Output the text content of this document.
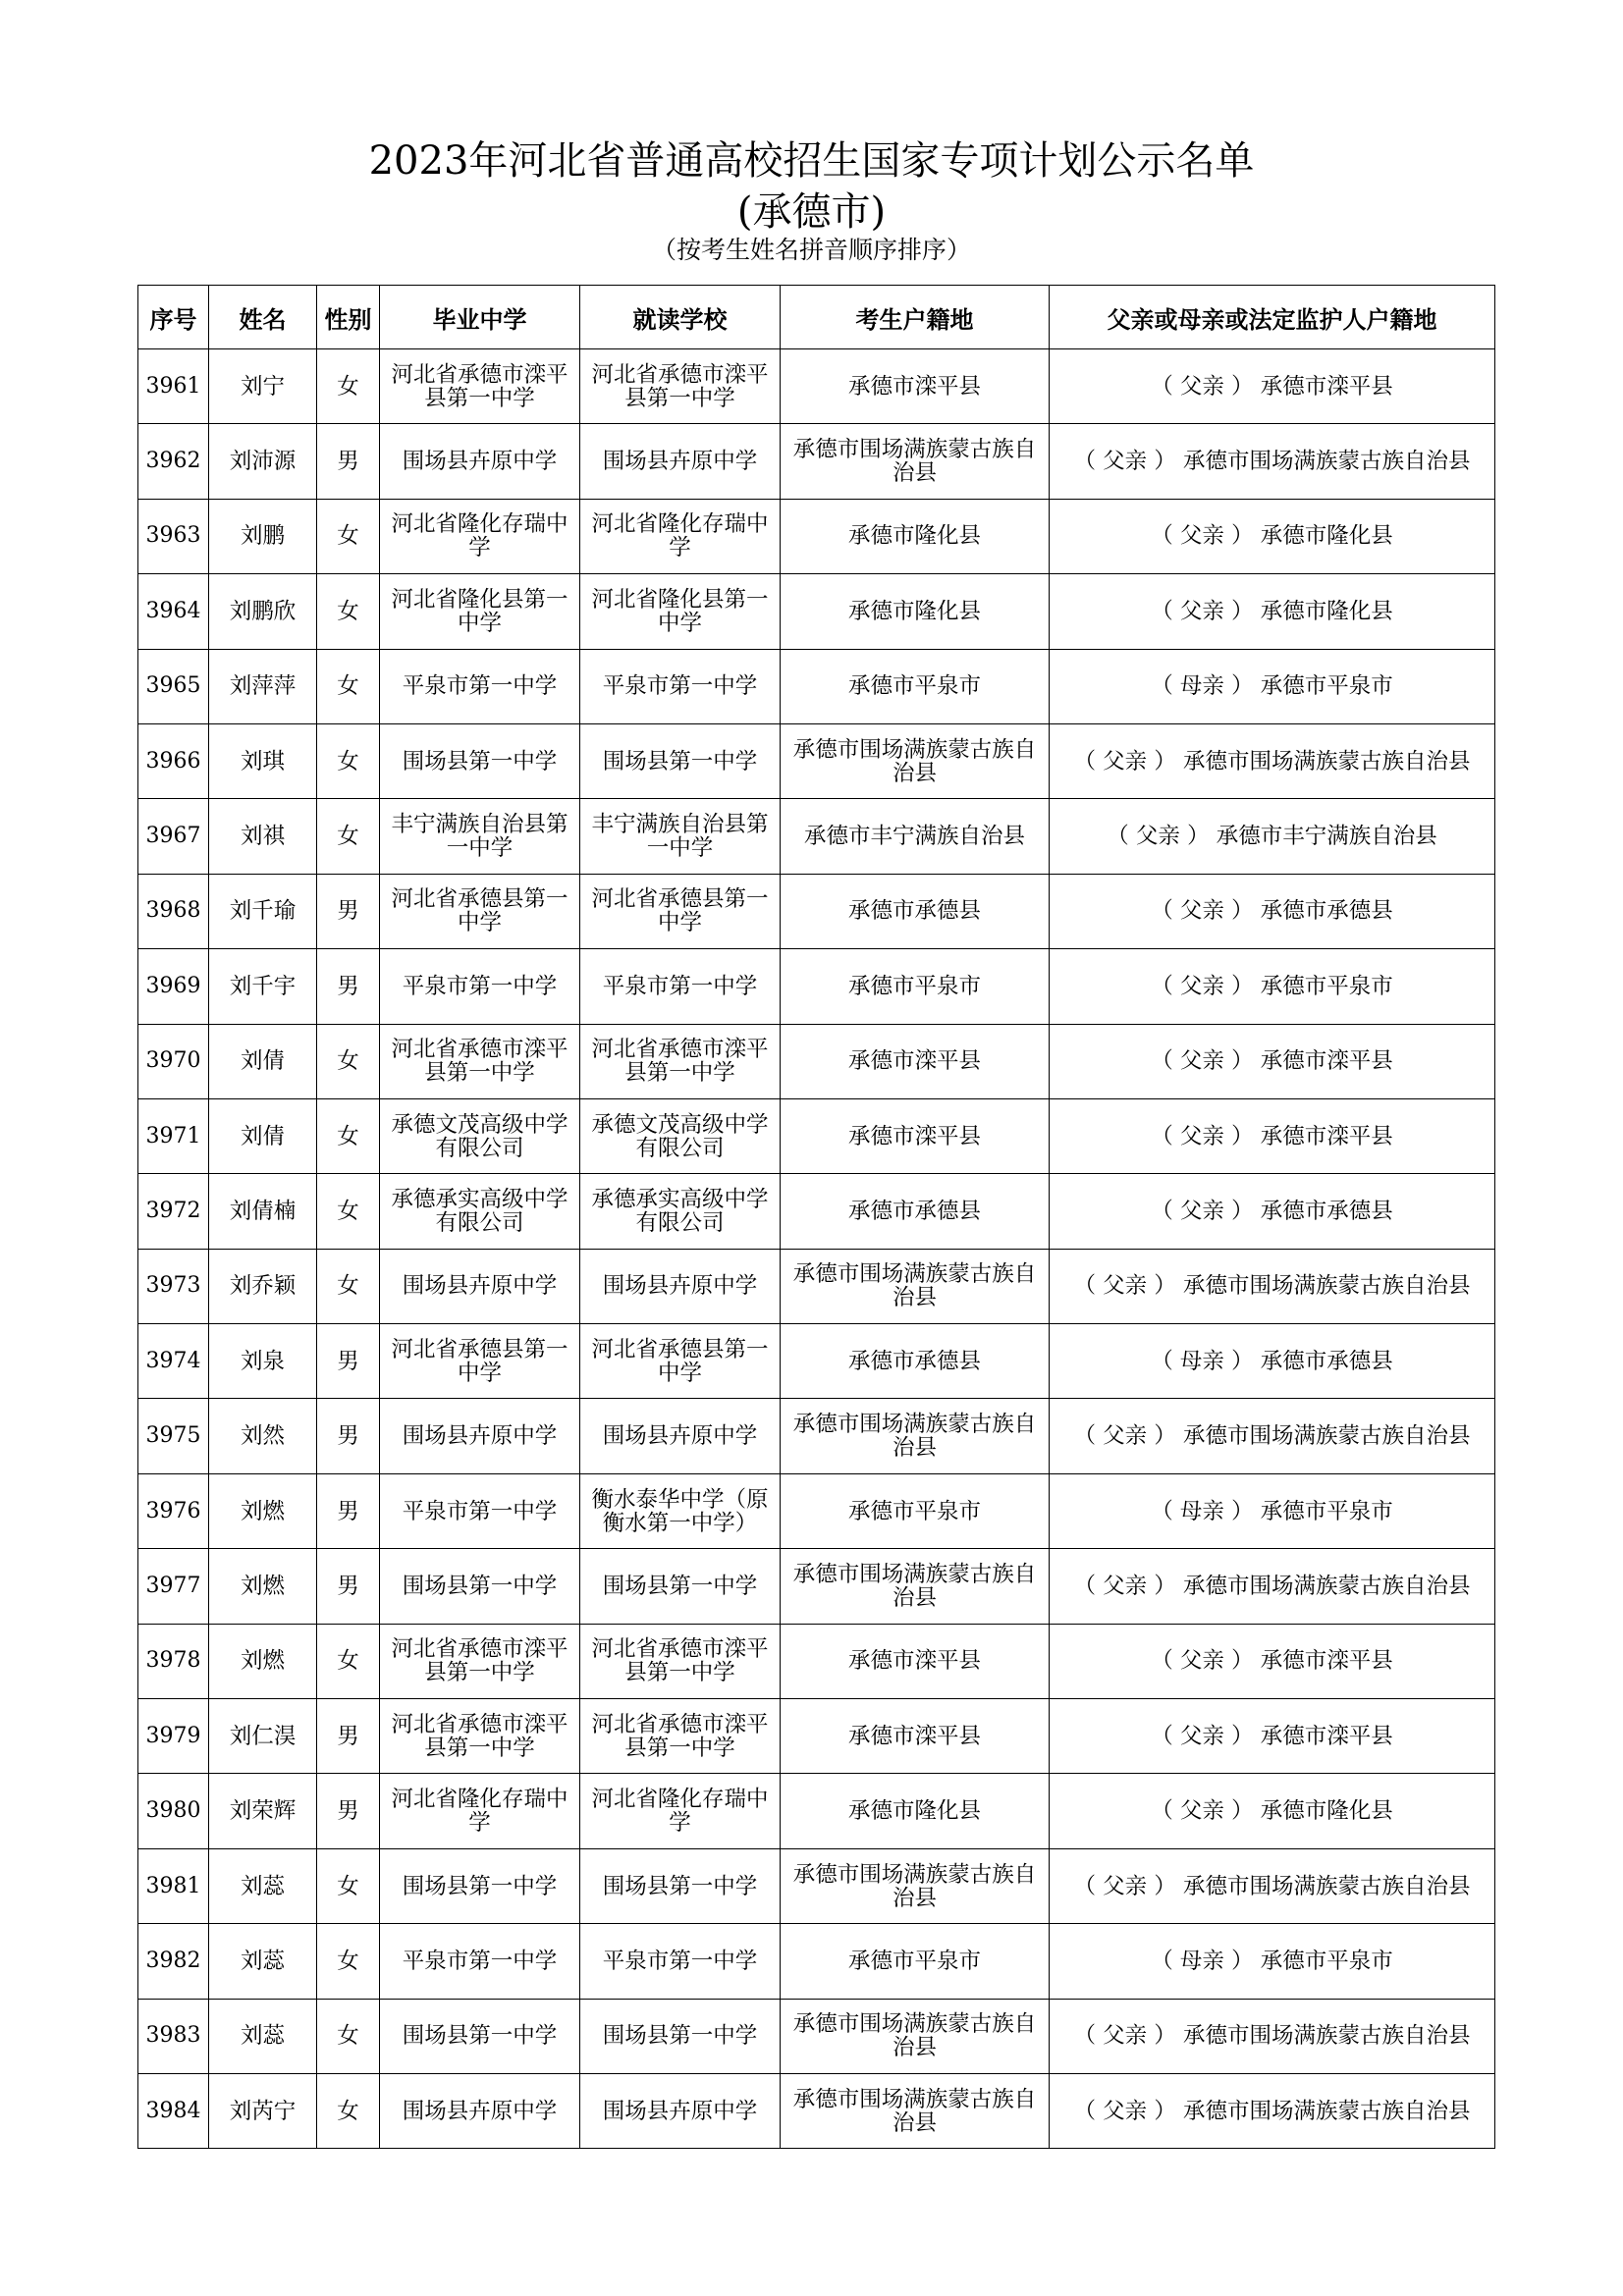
2023年河北省普通高校招生国家专项计划公示名单
(承德市)
（按考生姓名拼音顺序排序）
序号	姓名	性别	毕业中学	就读学校	考生户籍地	父亲或母亲或法定监护人户籍地
3961	刘宁	女	河北省承德市滦平县第一中学	河北省承德市滦平县第一中学	承德市滦平县	（ 父亲 ） 承德市滦平县
3962	刘沛源	男	围场县卉原中学	围场县卉原中学	承德市围场满族蒙古族自治县	（ 父亲 ） 承德市围场满族蒙古族自治县
3963	刘鹏	女	河北省隆化存瑞中学	河北省隆化存瑞中学	承德市隆化县	（ 父亲 ） 承德市隆化县
3964	刘鹏欣	女	河北省隆化县第一中学	河北省隆化县第一中学	承德市隆化县	（ 父亲 ） 承德市隆化县
3965	刘萍萍	女	平泉市第一中学	平泉市第一中学	承德市平泉市	（ 母亲 ） 承德市平泉市
3966	刘琪	女	围场县第一中学	围场县第一中学	承德市围场满族蒙古族自治县	（ 父亲 ） 承德市围场满族蒙古族自治县
3967	刘祺	女	丰宁满族自治县第一中学	丰宁满族自治县第一中学	承德市丰宁满族自治县	（ 父亲 ） 承德市丰宁满族自治县
3968	刘千瑜	男	河北省承德县第一中学	河北省承德县第一中学	承德市承德县	（ 父亲 ） 承德市承德县
3969	刘千宇	男	平泉市第一中学	平泉市第一中学	承德市平泉市	（ 父亲 ） 承德市平泉市
3970	刘倩	女	河北省承德市滦平县第一中学	河北省承德市滦平县第一中学	承德市滦平县	（ 父亲 ） 承德市滦平县
3971	刘倩	女	承德文茂高级中学有限公司	承德文茂高级中学有限公司	承德市滦平县	（ 父亲 ） 承德市滦平县
3972	刘倩楠	女	承德承实高级中学有限公司	承德承实高级中学有限公司	承德市承德县	（ 父亲 ） 承德市承德县
3973	刘乔颖	女	围场县卉原中学	围场县卉原中学	承德市围场满族蒙古族自治县	（ 父亲 ） 承德市围场满族蒙古族自治县
3974	刘泉	男	河北省承德县第一中学	河北省承德县第一中学	承德市承德县	（ 母亲 ） 承德市承德县
3975	刘然	男	围场县卉原中学	围场县卉原中学	承德市围场满族蒙古族自治县	（ 父亲 ） 承德市围场满族蒙古族自治县
3976	刘燃	男	平泉市第一中学	衡水泰华中学（原衡水第一中学）	承德市平泉市	（ 母亲 ） 承德市平泉市
3977	刘燃	男	围场县第一中学	围场县第一中学	承德市围场满族蒙古族自治县	（ 父亲 ） 承德市围场满族蒙古族自治县
3978	刘燃	女	河北省承德市滦平县第一中学	河北省承德市滦平县第一中学	承德市滦平县	（ 父亲 ） 承德市滦平县
3979	刘仁淏	男	河北省承德市滦平县第一中学	河北省承德市滦平县第一中学	承德市滦平县	（ 父亲 ） 承德市滦平县
3980	刘荣辉	男	河北省隆化存瑞中学	河北省隆化存瑞中学	承德市隆化县	（ 父亲 ） 承德市隆化县
3981	刘蕊	女	围场县第一中学	围场县第一中学	承德市围场满族蒙古族自治县	（ 父亲 ） 承德市围场满族蒙古族自治县
3982	刘蕊	女	平泉市第一中学	平泉市第一中学	承德市平泉市	（ 母亲 ） 承德市平泉市
3983	刘蕊	女	围场县第一中学	围场县第一中学	承德市围场满族蒙古族自治县	（ 父亲 ） 承德市围场满族蒙古族自治县
3984	刘芮宁	女	围场县卉原中学	围场县卉原中学	承德市围场满族蒙古族自治县	（ 父亲 ） 承德市围场满族蒙古族自治县
